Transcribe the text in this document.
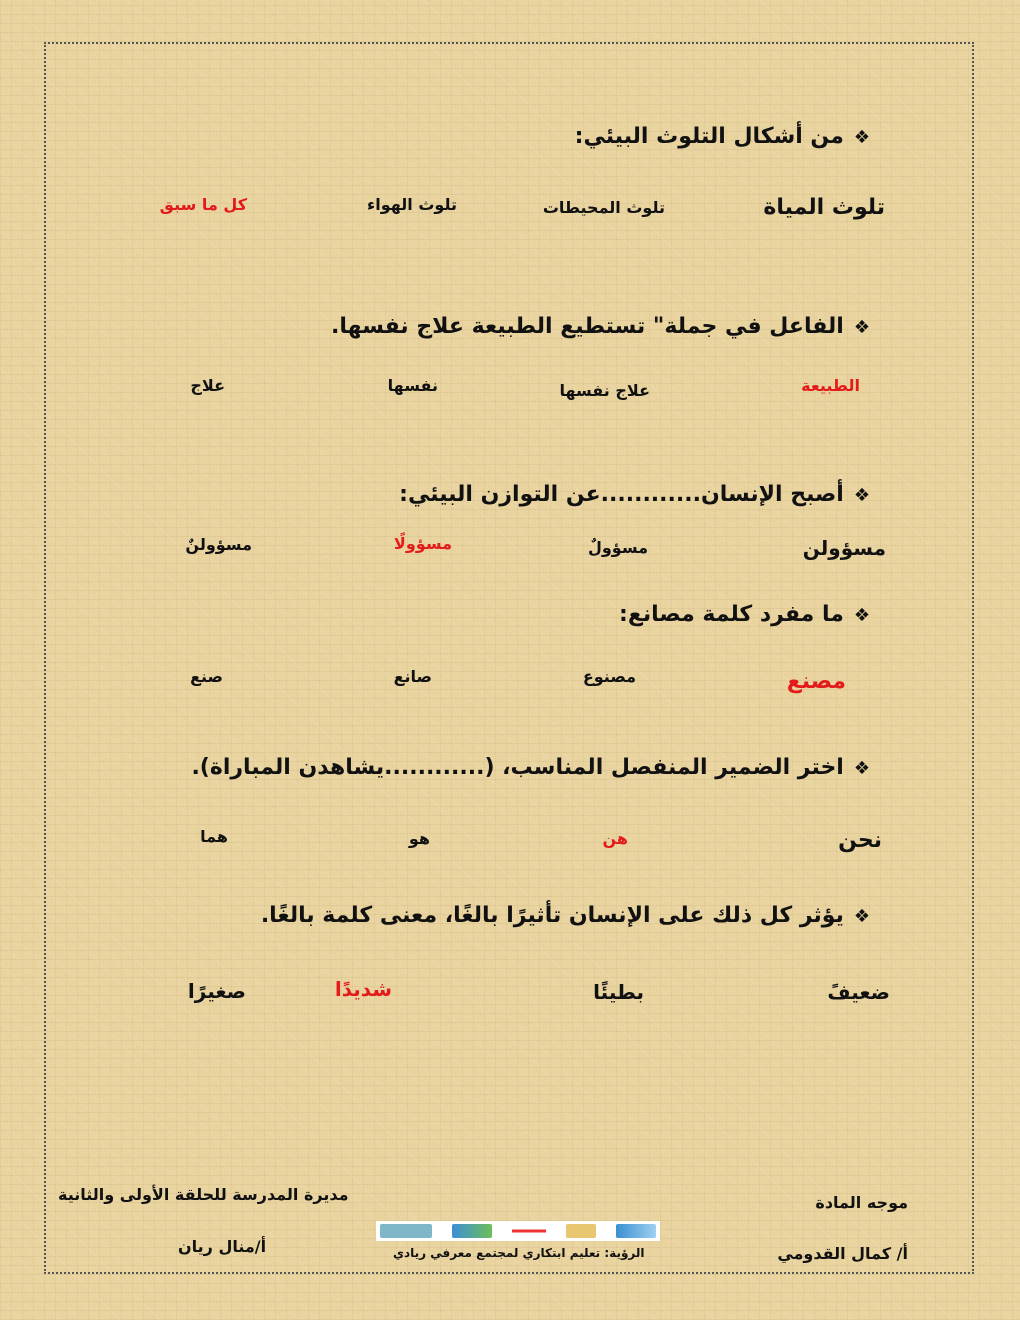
❖من أشكال التلوث البيئي:
تلوث المياة
تلوث المحيطات
تلوث الهواء
كل ما سبق
❖الفاعل في جملة" تستطيع الطبيعة علاج نفسها.
الطبيعة
علاج نفسها
نفسها
علاج
❖أصبح الإنسان............عن التوازن البيئي:
مسؤولن
مسؤولٌ
مسؤولًا
مسؤولنٌ
❖ما مفرد كلمة مصانع:
مصنع
مصنوع
صانع
صنع
❖اختر الضمير المنفصل المناسب، (............يشاهدن المباراة).
نحن
هن
هو
هما
❖يؤثر كل ذلك على الإنسان تأثيرًا بالغًا، معنى كلمة بالغًا.
ضعيفً
بطيئًا
شديدًا
صغيرًا
موجه المادة
أ/ كمال القدومي
مديرة المدرسة للحلقة الأولى والثانية
أ/منال ريان	الرؤية: تعليم ابتكاري لمجتمع معرفي ريادي
